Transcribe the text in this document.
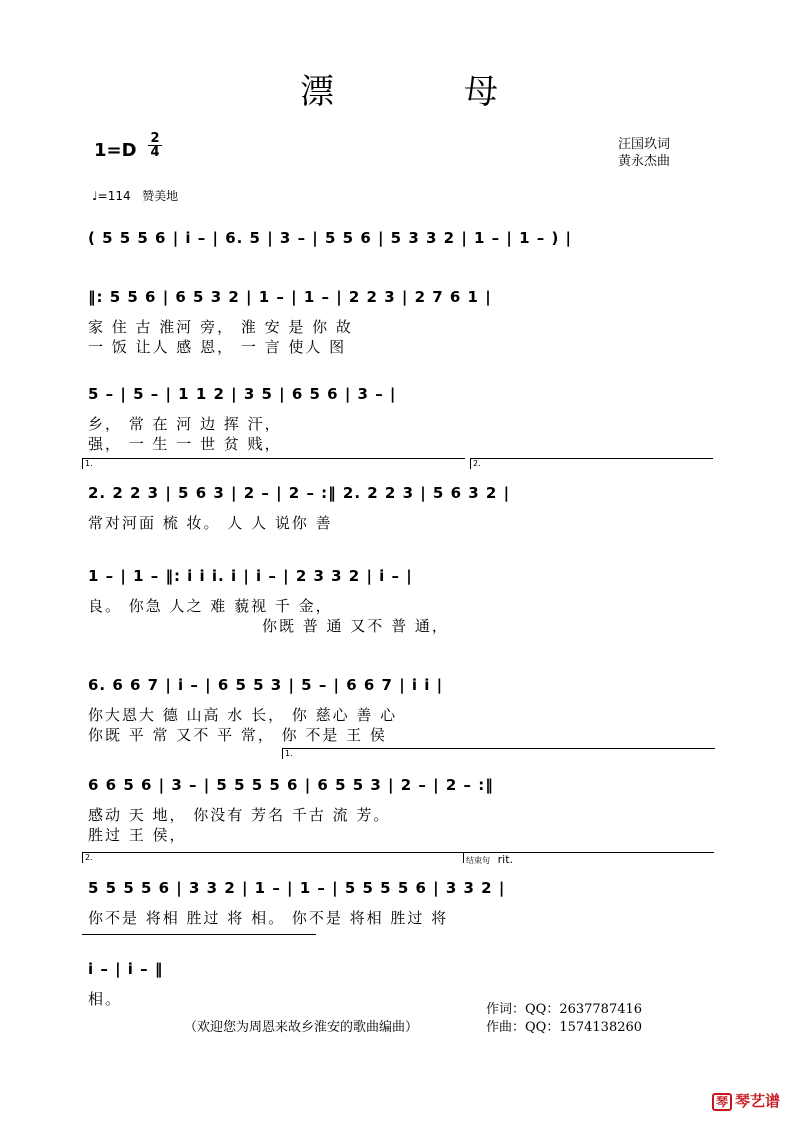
漂	母
1=D
2
4
汪国玖词
黄永杰曲
♩=114 赞美地
( 5 5 5 6 | i – | 6. 5 | 3 – | 5 5 6 | 5 3 3 2 | 1 – | 1 – ) |
‖: 5 5 6 | 6 5 3 2 | 1 – | 1 – | 2 2 3 | 2 7 6 1 |
家 住 古 淮河 旁， 淮 安 是 你 故
一 饭 让人 感 恩， 一 言 使人 图
5 – | 5 – | 1 1 2 | 3 5 | 6 5 6 | 3 – |
乡， 常 在 河 边 挥 汗，
强， 一 生 一 世 贫 贱，
2. 2 2 3 | 5 6 3 | 2 – | 2 – :‖ 2. 2 2 3 | 5 6 3 2 |
常对河面 梳 妆。 人 人 说你 善
1 – | 1 – ‖: i i i. i | i – | 2 3 3 2 | i – |
良。 你急 人之 难 藐视 千 金，
你既 普 通 又不 普 通，
6. 6 6 7 | i – | 6 5 5 3 | 5 – | 6 6 7 | i i |
你大恩大 德 山高 水 长， 你 慈心 善 心
你既 平 常 又不 平 常， 你 不是 王 侯
6 6 5 6 | 3 – | 5 5 5 5 6 | 6 5 5 3 | 2 – | 2 – :‖
感动 天 地， 你没有 芳名 千古 流 芳。
胜过 王 侯，
5 5 5 5 6 | 3 3 2 | 1 – | 1 – | 5 5 5 5 6 | 3 3 2 |
你不是 将相 胜过 将 相。 你不是 将相 胜过 将
i – | i – ‖
相。
1.	2.
1.
2.	结束句 rit.
（欢迎您为周恩来故乡淮安的歌曲编曲）
作词：QQ：2637787416
作曲：QQ：1574138260
琴 琴艺谱
